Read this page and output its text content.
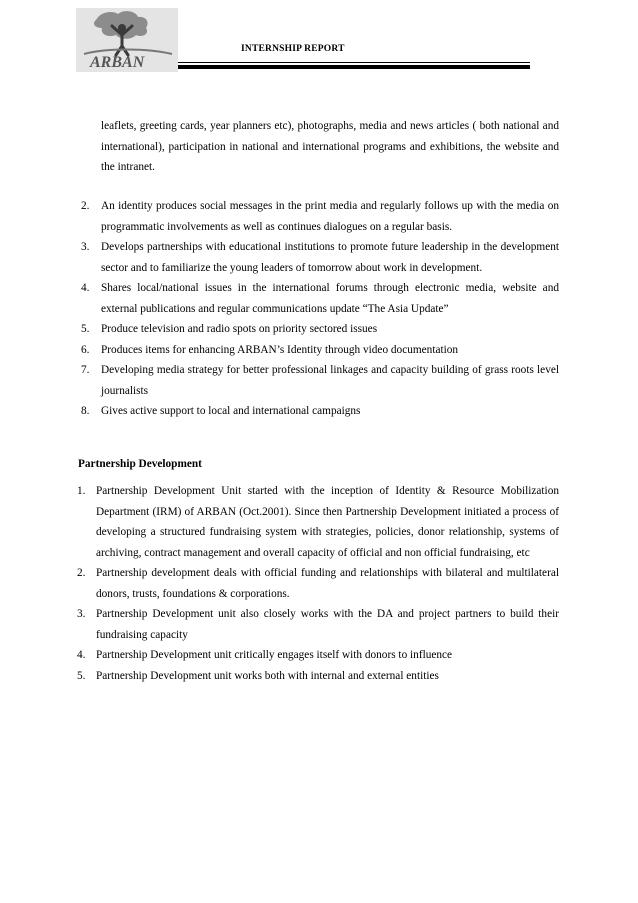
ARBAN
INTERNSHIP REPORT
leaflets, greeting cards, year planners etc), photographs, media and news articles ( both national and international), participation in national and international programs and exhibitions, the website and the intranet.
2. An identity produces social messages in the print media and regularly follows up with the media on programmatic involvements as well as continues dialogues on a regular basis.
3. Develops partnerships with educational institutions to promote future leadership in the development sector and to familiarize the young leaders of tomorrow about work in development.
4. Shares local/national issues in the international forums through electronic media, website and external publications and regular communications update “The Asia Update”
5. Produce television and radio spots on priority sectored issues
6. Produces items for enhancing ARBAN’s Identity through video documentation
7. Developing media strategy for better professional linkages and capacity building of grass roots level journalists
8. Gives active support to local and international campaigns
Partnership Development
1. Partnership Development Unit started with the inception of Identity & Resource Mobilization Department (IRM) of ARBAN (Oct.2001). Since then Partnership Development initiated a process of developing a structured fundraising system with strategies, policies, donor relationship, systems of archiving, contract management and overall capacity of official and non official fundraising, etc
2. Partnership development deals with official funding and relationships with bilateral and multilateral donors, trusts, foundations & corporations.
3. Partnership Development unit also closely works with the DA and project partners to build their fundraising capacity
4. Partnership Development unit critically engages itself with donors to influence
5. Partnership Development unit works both with internal and external entities
